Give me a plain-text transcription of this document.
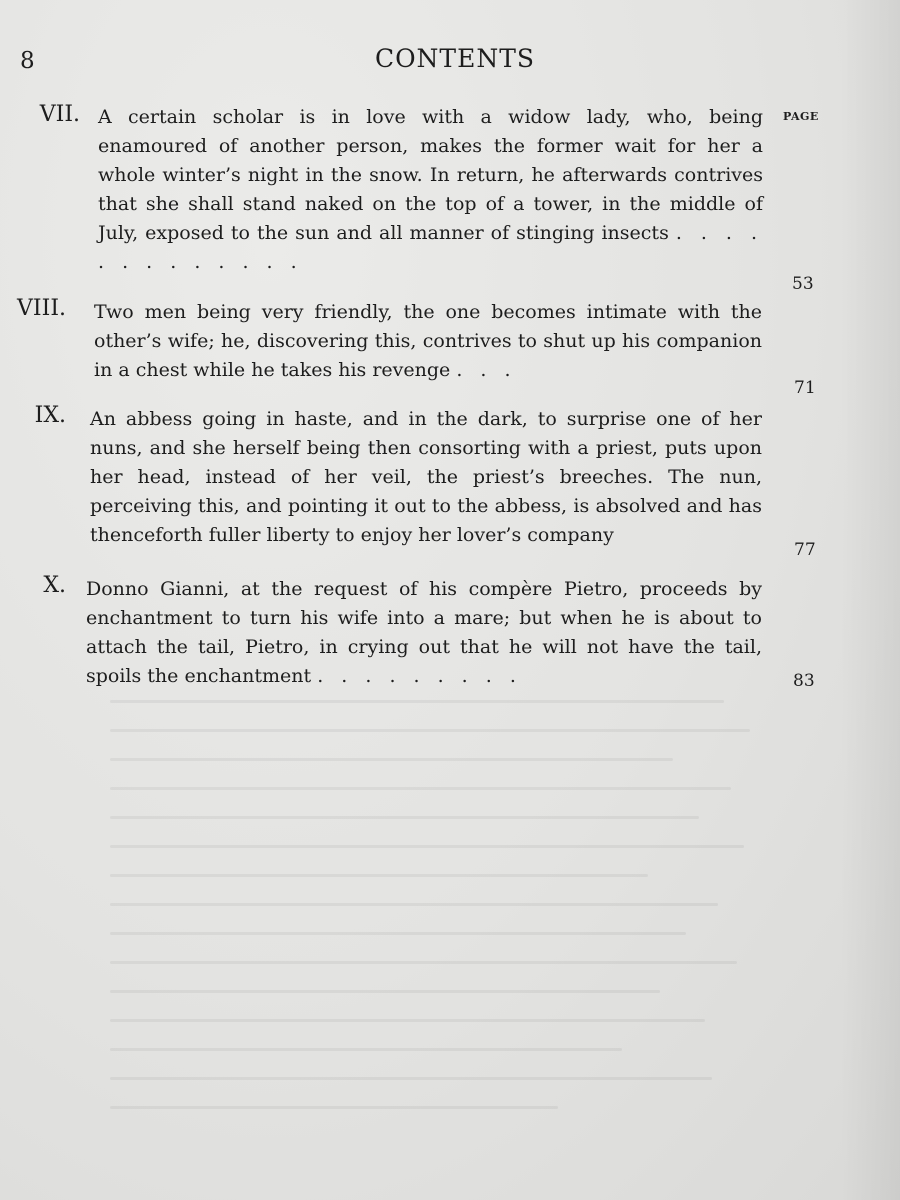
8	CONTENTS
PAGE
VII. A certain scholar is in love with a widow lady, who, being enamoured of another person, makes the former wait for her a whole winter’s night in the snow. In return, he afterwards contrives that she shall stand naked on the top of a tower, in the middle of July, exposed to the sun and all manner of stinging insects . . . . . . . . . . . . .
53
VIII. Two men being very friendly, the one becomes intimate with the other’s wife; he, discovering this, contrives to shut up his companion in a chest while he takes his revenge . . .
71
IX. An abbess going in haste, and in the dark, to surprise one of her nuns, and she herself being then consorting with a priest, puts upon her head, instead of her veil, the priest’s breeches. The nun, perceiving this, and pointing it out to the abbess, is absolved and has thenceforth fuller liberty to enjoy her lover’s company
77
X. Donno Gianni, at the request of his compère Pietro, proceeds by enchantment to turn his wife into a mare; but when he is about to attach the tail, Pietro, in crying out that he will not have the tail, spoils the enchantment . . . . . . . . .	83
